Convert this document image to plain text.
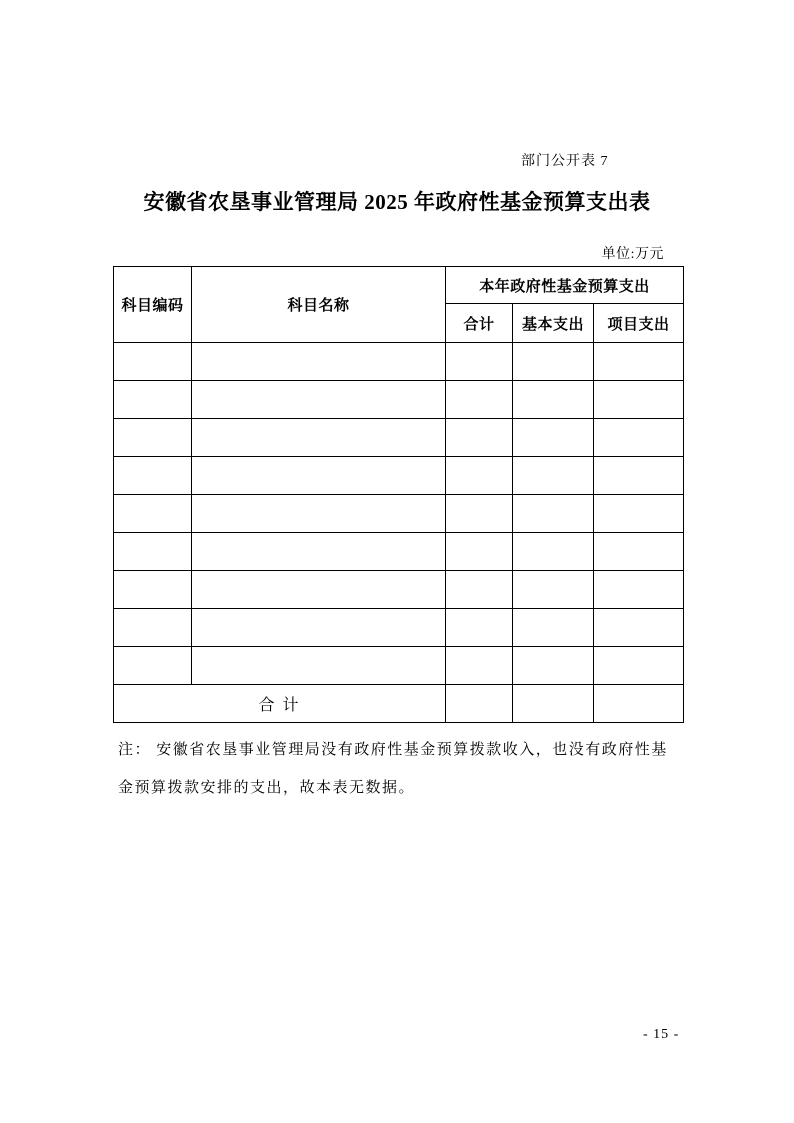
部门公开表 7
安徽省农垦事业管理局 2025 年政府性基金预算支出表
单位:万元
科目编码	科目名称	本年政府性基金预算支出		
		合计	基本支出	项目支出

合 计				
注： 安徽省农垦事业管理局没有政府性基金预算拨款收入，也没有政府性基
金预算拨款安排的支出，故本表无数据。
- 15 -
